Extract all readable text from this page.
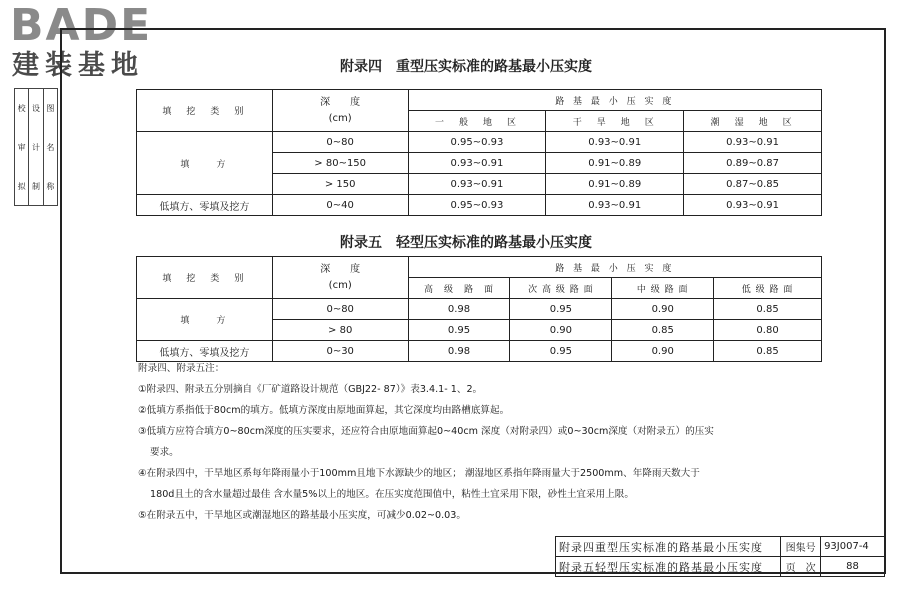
BADE
建装基地
校
审
拟
设
计
制
图
名
称
附录四　重型压实标准的路基最小压实度
填　挖　类　别	深　　度
(cm)	路 基 最 小 压 实 度		
		一　般　地　区	干　旱　地　区	潮　湿　地　区
填　　方	0~80	0.95~0.93	0.93~0.91	0.93~0.91
	> 80~150	0.93~0.91	0.91~0.89	0.89~0.87
	> 150	0.93~0.91	0.91~0.89	0.87~0.85
低填方、零填及挖方	0~40	0.95~0.93	0.93~0.91	0.93~0.91
附录五　轻型压实标准的路基最小压实度
填　挖　类　别	深　　度
(cm)	路 基 最 小 压 实 度			
		高　级　路　面	次 高 级 路 面	中 级 路 面	低 级 路 面
填　　方	0~80	0.98	0.95	0.90	0.85
	> 80	0.95	0.90	0.85	0.80
低填方、零填及挖方	0~30	0.98	0.95	0.90	0.85
附录四、附录五注：
①附录四、附录五分别摘自《厂矿道路设计规范（GBJ22- 87）》表3.4.1- 1、2。
②低填方系指低于80cm的填方。低填方深度由原地面算起，其它深度均由路槽底算起。
③低填方应符合填方0~80cm深度的压实要求，还应符合由原地面算起0~40cm 深度（对附录四）或0~30cm深度（对附录五）的压实
要求。
④在附录四中，干旱地区系每年降雨量小于100mm且地下水源缺少的地区； 潮湿地区系指年降雨量大于2500mm、年降雨天数大于
180d且土的含水量超过最佳 含水量5%以上的地区。在压实度范围值中，粘性土宜采用下限，砂性土宜采用上限。
⑤在附录五中，干旱地区或潮湿地区的路基最小压实度，可减少0.02~0.03。
附录四重型压实标准的路基最小压实度	图集号	93J007-4
附录五轻型压实标准的路基最小压实度	页　次	88
